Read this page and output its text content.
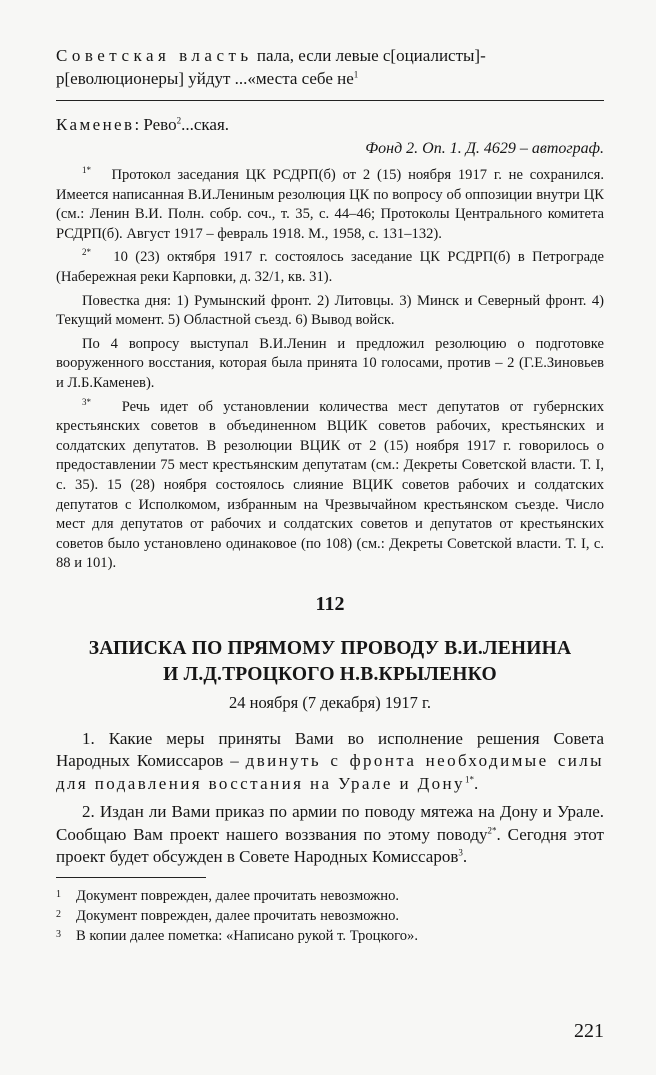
Советская власть пала, если левые с[оциалисты]-

р[еволюционеры] уйдут ...«места себе $не^1$

Каменев: Рево$^2$...ская.

Фонд 2. Оп. 1. Д. 4629 – автограф.

$^{1*}$ Протокол заседания ЦК РСДРП(б) от 2 (15) ноября 1917 г. не сохранился. Имеется написанная В.И.Лениным резолюция ЦК по вопросу об оппозиции внутри ЦК (см.: Ленин В.И. Полн. собр. соч., т. 35, с. 44–46; Протоколы Центрального комитета РСДРП(б). Август 1917 – февраль 1918. М., 1958, с. 131–132).

$^{2*}$ 10 (23) октября 1917 г. состоялось заседание ЦК РСДРП(б) в Петрограде (Набережная реки Карповки, д. 32/1, кв. 31).

Повестка дня: 1) Румынский фронт. 2) Литовцы. 3) Минск и Северный фронт. 4) Текущий момент. 5) Областной съезд. 6) Вывод войск.

По 4 вопросу выступал В.И.Ленин и предложил резолюцию о подготовке вооруженного восстания, которая была принята 10 голосами, против – 2 (Г.Е.Зиновьев и Л.Б.Каменев).

$^{3*}$ Речь идет об установлении количества мест депутатов от губернских крестьянских советов в объединенном ВЦИК советов рабочих, крестьянских и солдатских депутатов. В резолюции ВЦИК от 2 (15) ноября 1917 г. говорилось о предоставлении 75 мест крестьянским депутатам (см.: Декреты Советской власти. Т. I, с. 35). 15 (28) ноября состоялось слияние ВЦИК советов рабочих и солдатских депутатов с Исполкомом, избранным на Чрезвычайном крестьянском съезде. Число мест для депутатов от рабочих и солдатских советов и депутатов от крестьянских советов было установлено одинаковое (по 108) (см.: Декреты Советской власти. Т. I, с. 88 и 101).

112
ЗАПИСКА ПО ПРЯМОМУ ПРОВОДУ В.И.ЛЕНИНА
И Л.Д.ТРОЦКОГО Н.В.КРЫЛЕНКО
24 ноября (7 декабря) 1917 г.

1. Какие меры приняты Вами во исполнение решения Совета Народных Комиссаров – двинуть с фронта необходимые силы для подавления восстания на Урале и Дону$^{1*}$.

2. Издан ли Вами приказ по армии по поводу мятежа на Дону и Урале. Сообщаю Вам проект нашего воззвания по этому поводу$^{2*}$. Сегодня этот проект будет обсужден в Совете Народных Комиссаров$^3$.

1 Документ поврежден, далее прочитать невозможно.
2 Документ поврежден, далее прочитать невозможно.
3 В копии далее пометка: «Написано рукой т. Троцкого».
221
